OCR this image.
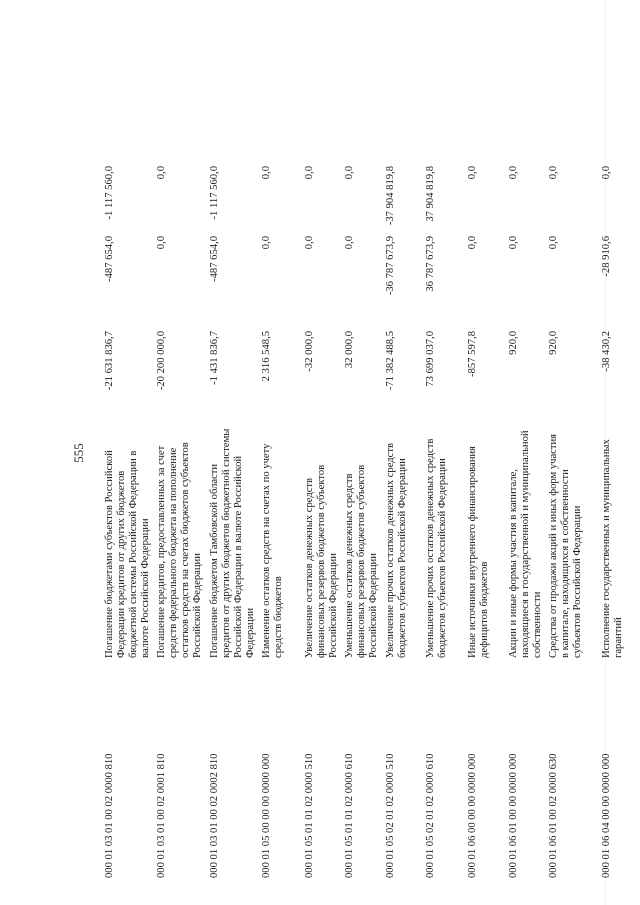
555
000 01 03 01 00 02 0000 810
Погашение бюджетами субъектов Российской Федерации кредитов от других бюджетов бюджетной системы Российской Федерации в валюте Российской Федерации
-21 631 836,7
-487 654,0
-1 117 560,0
000 01 03 01 00 02 0001 810
Погашение кредитов, предоставленных за счет средств федерального бюджета на пополнение остатков средств на счетах бюджетов субъектов Российской Федерации
-20 200 000,0
0,0
0,0
000 01 03 01 00 02 0002 810
Погашение бюджетом Тамбовской области кредитов от других бюджетов бюджетной системы Российской Федерации в валюте Российской Федерации
-1 431 836,7
-487 654,0
-1 117 560,0
000 01 05 00 00 00 0000 000
Изменение остатков средств на счетах по учету средств бюджетов
2 316 548,5
0,0
0,0
000 01 05 01 01 02 0000 510
Увеличение остатков денежных средств финансовых резервов бюджетов субъектов Российской Федерации
-32 000,0
0,0
0,0
000 01 05 01 01 02 0000 610
Уменьшение остатков денежных средств финансовых резервов бюджетов субъектов Российской Федерации
32 000,0
0,0
0,0
000 01 05 02 01 02 0000 510
Увеличение прочих остатков денежных средств бюджетов субъектов Российской Федерации
-71 382 488,5
-36 787 673,9
-37 904 819,8
000 01 05 02 01 02 0000 610
Уменьшение прочих остатков денежных средств бюджетов субъектов Российской Федерации
73 699 037,0
36 787 673,9
37 904 819,8
000 01 06 00 00 00 0000 000
Иные источники внутреннего финансирования дефицитов бюджетов
-857 597,8
0,0
0,0
000 01 06 01 00 00 0000 000
Акции и иные формы участия в капитале, находящиеся в государственной и муниципальной собственности
920,0
0,0
0,0
000 01 06 01 00 02 0000 630
Средства от продажи акций и иных форм участия в капитале, находящихся в собственности субъектов Российской Федерации
920,0
0,0
0,0
000 01 06 04 00 00 0000 000
Исполнение государственных и муниципальных гарантий
-38 430,2
-28 910,6
0,0
